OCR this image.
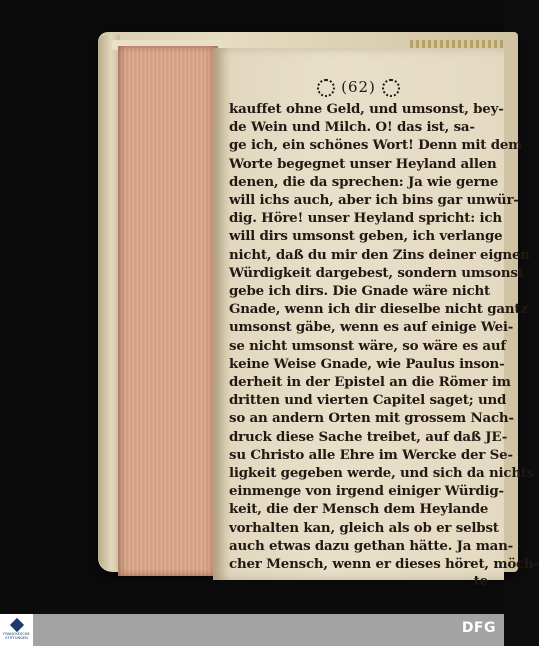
(62)
kauffet ohne Geld, und umsonst, bey-
de Wein und Milch. O! das ist, sa-
ge ich, ein schönes Wort! Denn mit dem
Worte begegnet unser Heyland allen
denen, die da sprechen: Ja wie gerne
will ichs auch, aber ich bins gar unwür-
dig. Höre! unser Heyland spricht: ich
will dirs umsonst geben, ich verlange
nicht, daß du mir den Zins deiner eignen
Würdigkeit dargebest, sondern umsonst
gebe ich dirs. Die Gnade wäre nicht
Gnade, wenn ich dir dieselbe nicht gantz
umsonst gäbe, wenn es auf einige Wei-
se nicht umsonst wäre, so wäre es auf
keine Weise Gnade, wie Paulus inson-
derheit in der Epistel an die Römer im
dritten und vierten Capitel saget; und
so an andern Orten mit grossem Nach-
druck diese Sache treibet, auf daß JE-
su Christo alle Ehre im Wercke der Se-
ligkeit gegeben werde, und sich da nichts
einmenge von irgend einiger Würdig-
keit, die der Mensch dem Heylande
vorhalten kan, gleich als ob er selbst
auch etwas dazu gethan hätte. Ja man-
cher Mensch, wenn er dieses höret, möch-
te
FRANCKESCHE STIFTUNGEN
DFG
